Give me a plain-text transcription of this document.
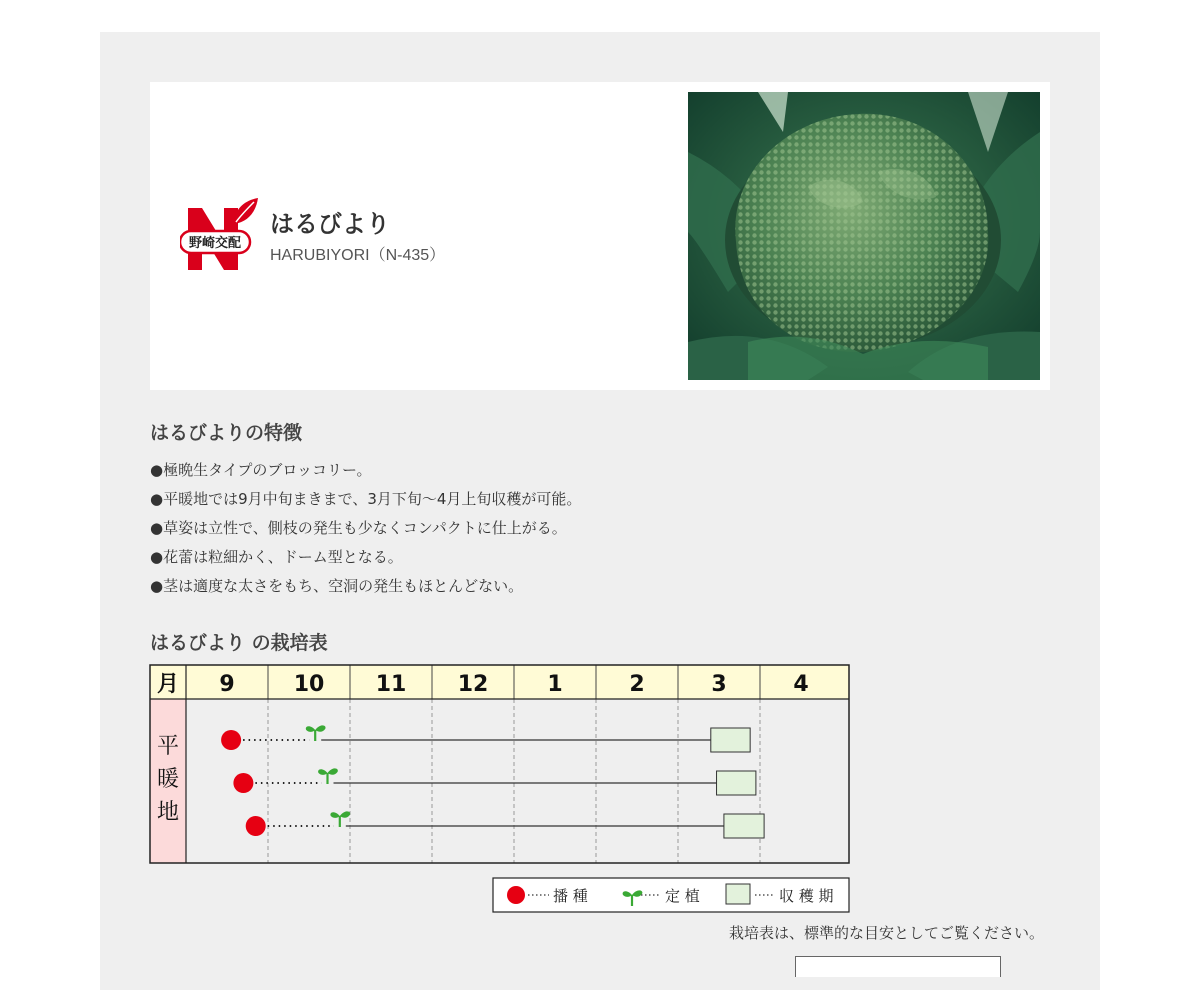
野崎交配
はるびより
HARUBIYORI（N-435）
はるびよりの特徴
●極晩生タイプのブロッコリー。
●平暖地では9月中旬まきまで、3月下旬〜4月上旬収穫が可能。
●草姿は立性で、側枝の発生も少なくコンパクトに仕上がる。
●花蕾は粒細かく、ドーム型となる。
●茎は適度な太さをもち、空洞の発生もほとんどない。
はるびより の栽培表
月 9	10 11 12	1	2	3	4
平暖地
播 種	定 植	収 穫 期
栽培表は、標準的な目安としてご覧ください。
